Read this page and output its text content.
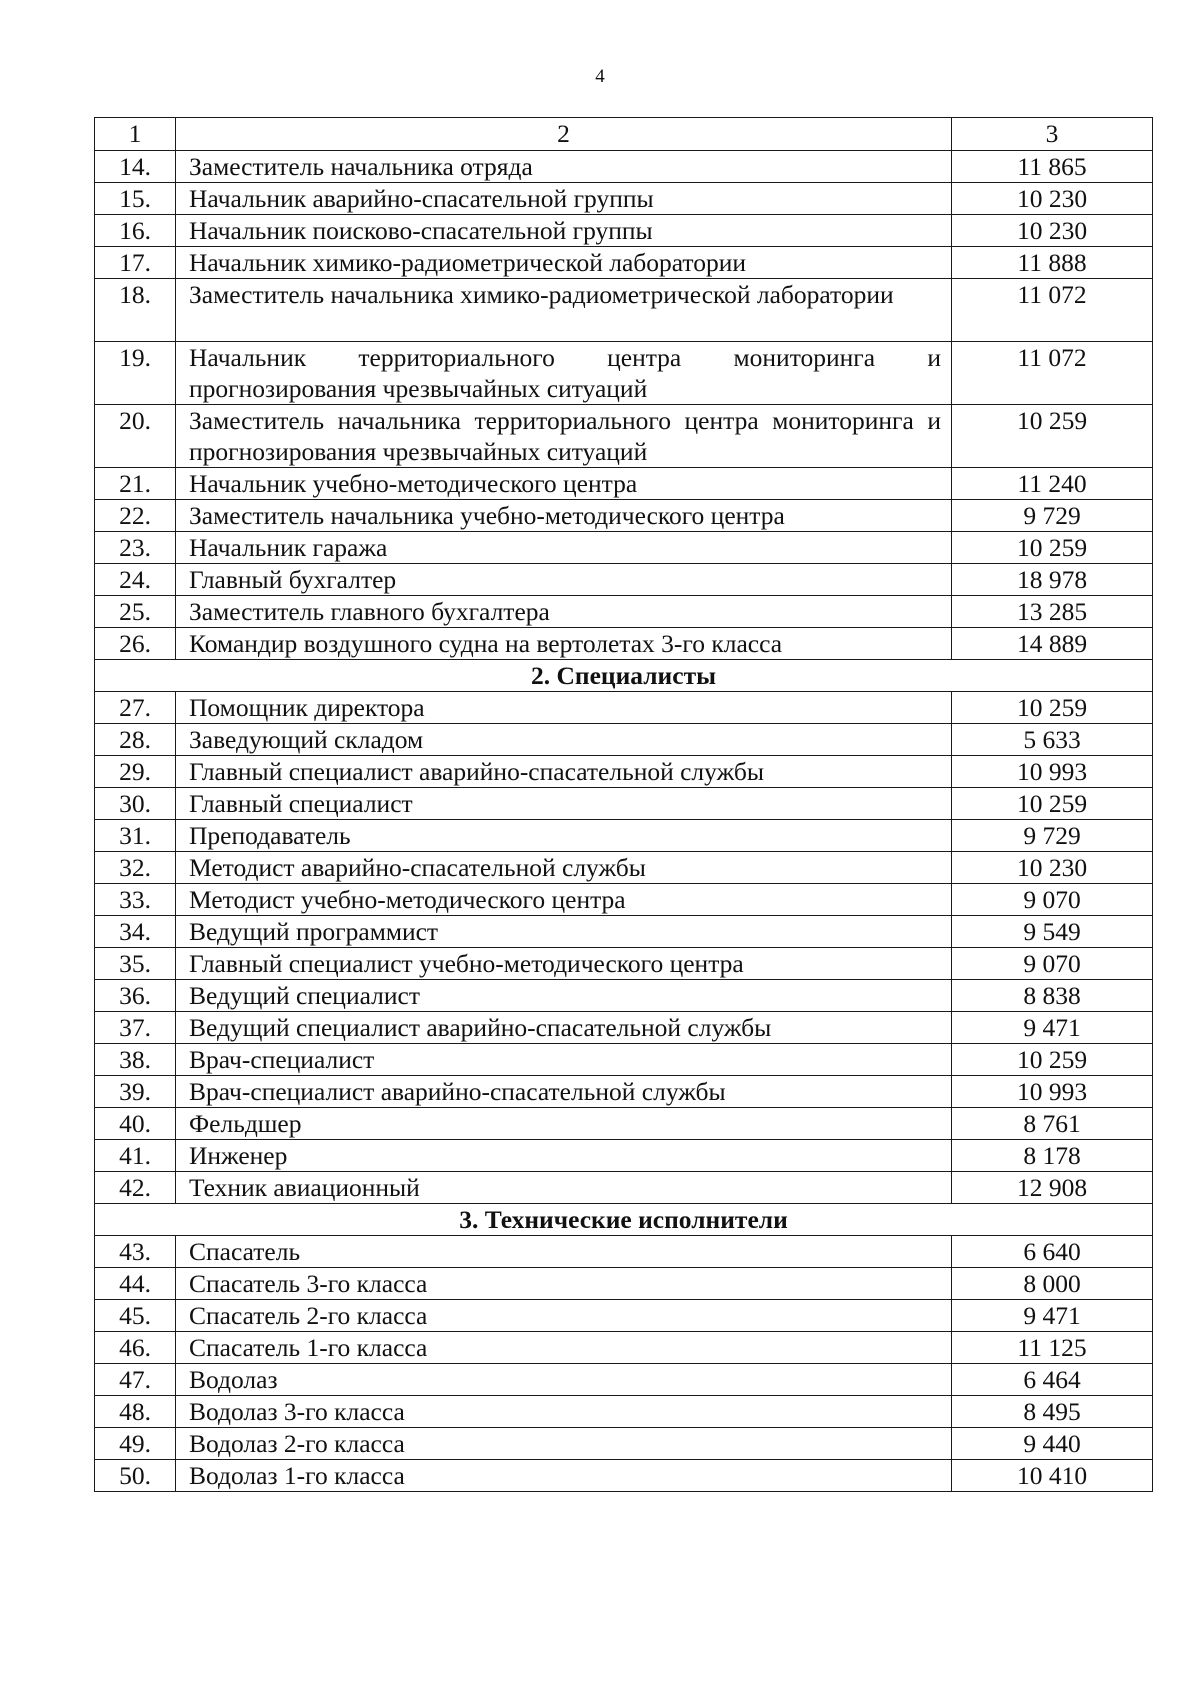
4
1	2	3
14.	Заместитель начальника отряда	11 865
15.	Начальник аварийно-спасательной группы	10 230
16.	Начальник поисково-спасательной группы	10 230
17.	Начальник химико-радиометрической лаборатории	11 888
18.	Заместитель начальника химико-радиометрической лаборатории	11 072
19.	Начальник территориального центра мониторинга и прогнозирования чрезвычайных ситуаций	11 072
20.	Заместитель начальника территориального центра мониторинга и прогнозирования чрезвычайных ситуаций	10 259
21.	Начальник учебно-методического центра	11 240
22.	Заместитель начальника учебно-методического центра	9 729
23.	Начальник гаража	10 259
24.	Главный бухгалтер	18 978
25.	Заместитель главного бухгалтера	13 285
26.	Командир воздушного судна на вертолетах 3-го класса	14 889
2. Специалисты		
27.	Помощник директора	10 259
28.	Заведующий складом	5 633
29.	Главный специалист аварийно-спасательной службы	10 993
30.	Главный специалист	10 259
31.	Преподаватель	9 729
32.	Методист аварийно-спасательной службы	10 230
33.	Методист учебно-методического центра	9 070
34.	Ведущий программист	9 549
35.	Главный специалист учебно-методического центра	9 070
36.	Ведущий специалист	8 838
37.	Ведущий специалист аварийно-спасательной службы	9 471
38.	Врач-специалист	10 259
39.	Врач-специалист аварийно-спасательной службы	10 993
40.	Фельдшер	8 761
41.	Инженер	8 178
42.	Техник авиационный	12 908
3. Технические исполнители		
43.	Спасатель	6 640
44.	Спасатель 3-го класса	8 000
45.	Спасатель 2-го класса	9 471
46.	Спасатель 1-го класса	11 125
47.	Водолаз	6 464
48.	Водолаз 3-го класса	8 495
49.	Водолаз 2-го класса	9 440
50.	Водолаз 1-го класса	10 410
